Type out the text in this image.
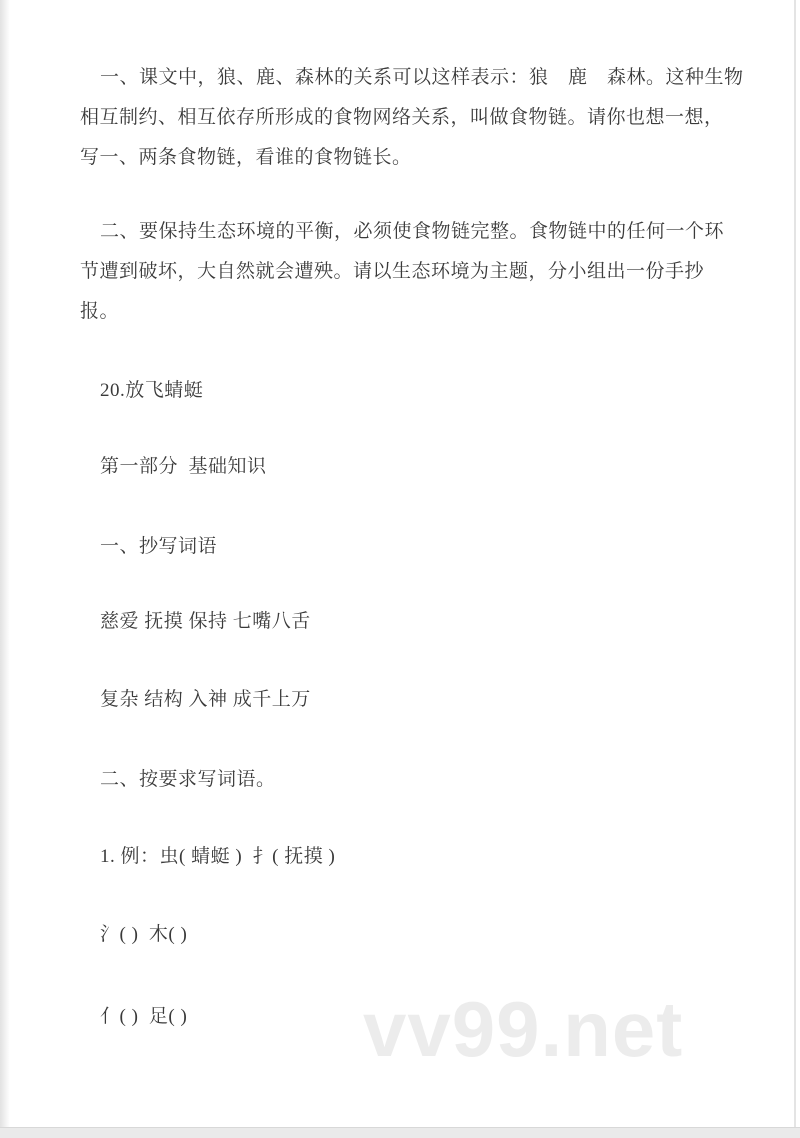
一、课文中，狼、鹿、森林的关系可以这样表示：狼　鹿　森林。这种生物
相互制约、相互依存所形成的食物网络关系，叫做食物链。请你也想一想，
写一、两条食物链，看谁的食物链长。
二、要保持生态环境的平衡，必须使食物链完整。食物链中的任何一个环
节遭到破坏，大自然就会遭殃。请以生态环境为主题，分小组出一份手抄
报。
20.放飞蜻蜓
第一部分  基础知识
一、抄写词语
慈爱 抚摸 保持 七嘴八舌
复杂 结构 入神 成千上万
二、按要求写词语。
1. 例：虫( 蜻蜓 )  扌( 抚摸 )
氵( )  木( )
亻( )  足( ) vv99.net
